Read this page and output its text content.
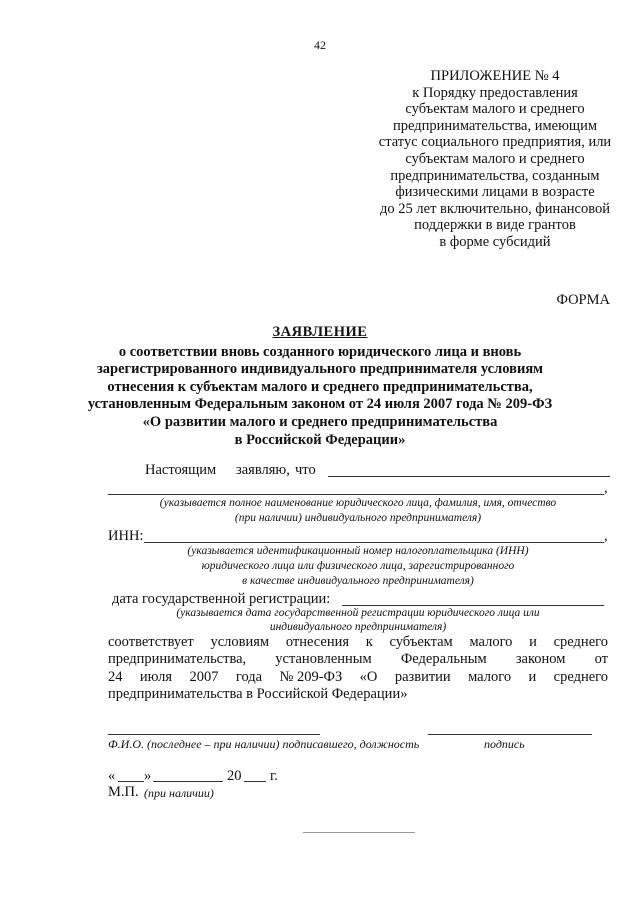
42
ПРИЛОЖЕНИЕ № 4
к Порядку предоставления
субъектам малого и среднего
предпринимательства, имеющим
статус социального предприятия, или
субъектам малого и среднего
предпринимательства, созданным
физическими лицами в возрасте
до 25 лет включительно, финансовой
поддержки в виде грантов
в форме субсидий
ФОРМА
ЗАЯВЛЕНИЕ
о соответствии вновь созданного юридического лица и вновь
зарегистрированного индивидуального предпринимателя условиям
отнесения к субъектам малого и среднего предпринимательства,
установленным Федеральным законом от 24 июля 2007 года № 209-ФЗ
«О развитии малого и среднего предпринимательства
в Российской Федерации»
Настоящим заявляю, что
,
(указывается полное наименование юридического лица, фамилия, имя, отчество
(при наличии) индивидуального предпринимателя)
ИНН:	,
(указывается идентификационный номер налогоплательщика (ИНН)
юридического лица или физического лица, зарегистрированного
в качестве индивидуального предпринимателя)
дата государственной регистрации:
(указывается дата государственной регистрации юридического лица или
индивидуального предпринимателя)
соответствует условиям отнесения к субъектам малого и среднего
предпринимательства, установленным Федеральным законом от
24 июля 2007 года № 209-ФЗ «О развитии малого и среднего
предпринимательства в Российской Федерации»
Ф.И.О. (последнее – при наличии) подписавшего, должность	подпись
« »	20 г.
М.П. (при наличии)
